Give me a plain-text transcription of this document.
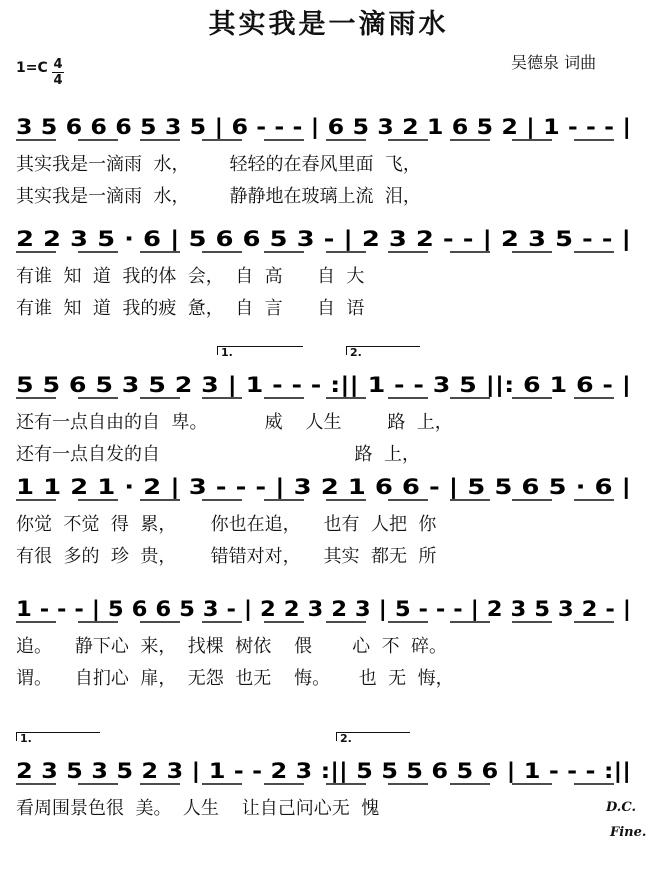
其实我是一滴雨水
吴德泉 词曲
1=C 4
4
3 5 6 6 6 5 3 5 | 6 - - - | 6 5 3 2 1 6 5 2 | 1 - - - |
其实我是一滴雨  水，       轻轻的在春风里面  飞，
其实我是一滴雨  水，       静静地在玻璃上流  泪，
2 2 3 5 · 6 | 5 6 6 5 3 - | 2 3 2 - - | 2 3 5 - - |
有谁  知  道  我的体  会，  自  高      自  大
有谁  知  道  我的疲  惫，  自  言      自  语
5 5 6 5 3 5 2 3 | 1 - - - :|| 1 - - 3 5 ||: 6 1 6 - |
1.	2.
还有一点自由的自  卑。          威    人生        路  上，
还有一点自发的自                                  路  上，
1 1 2 1 · 2 | 3 - - - | 3 2 1 6 6 - | 5 5 6 5 · 6 |
你觉  不觉  得  累，      你也在追，    也有  人把  你
有很  多的  珍  贵，      错错对对，    其实  都无  所
1 - - - | 5 6 6 5 3 - | 2 2 3 2 3 | 5 - - - | 2 3 5 3 2 - |
追。    静下心  来，  找棵  树依    偎       心  不  碎。
谓。    自扪心  扉，  无怨  也无    悔。     也  无  悔，
2 3 5 3 5 2 3 | 1 - - 2 3 :|| 5 5 5 6 5 6 | 1 - - - :||
1.	2.
看周围景色很  美。  人生    让自己问心无  愧	D.C.
Fine.
